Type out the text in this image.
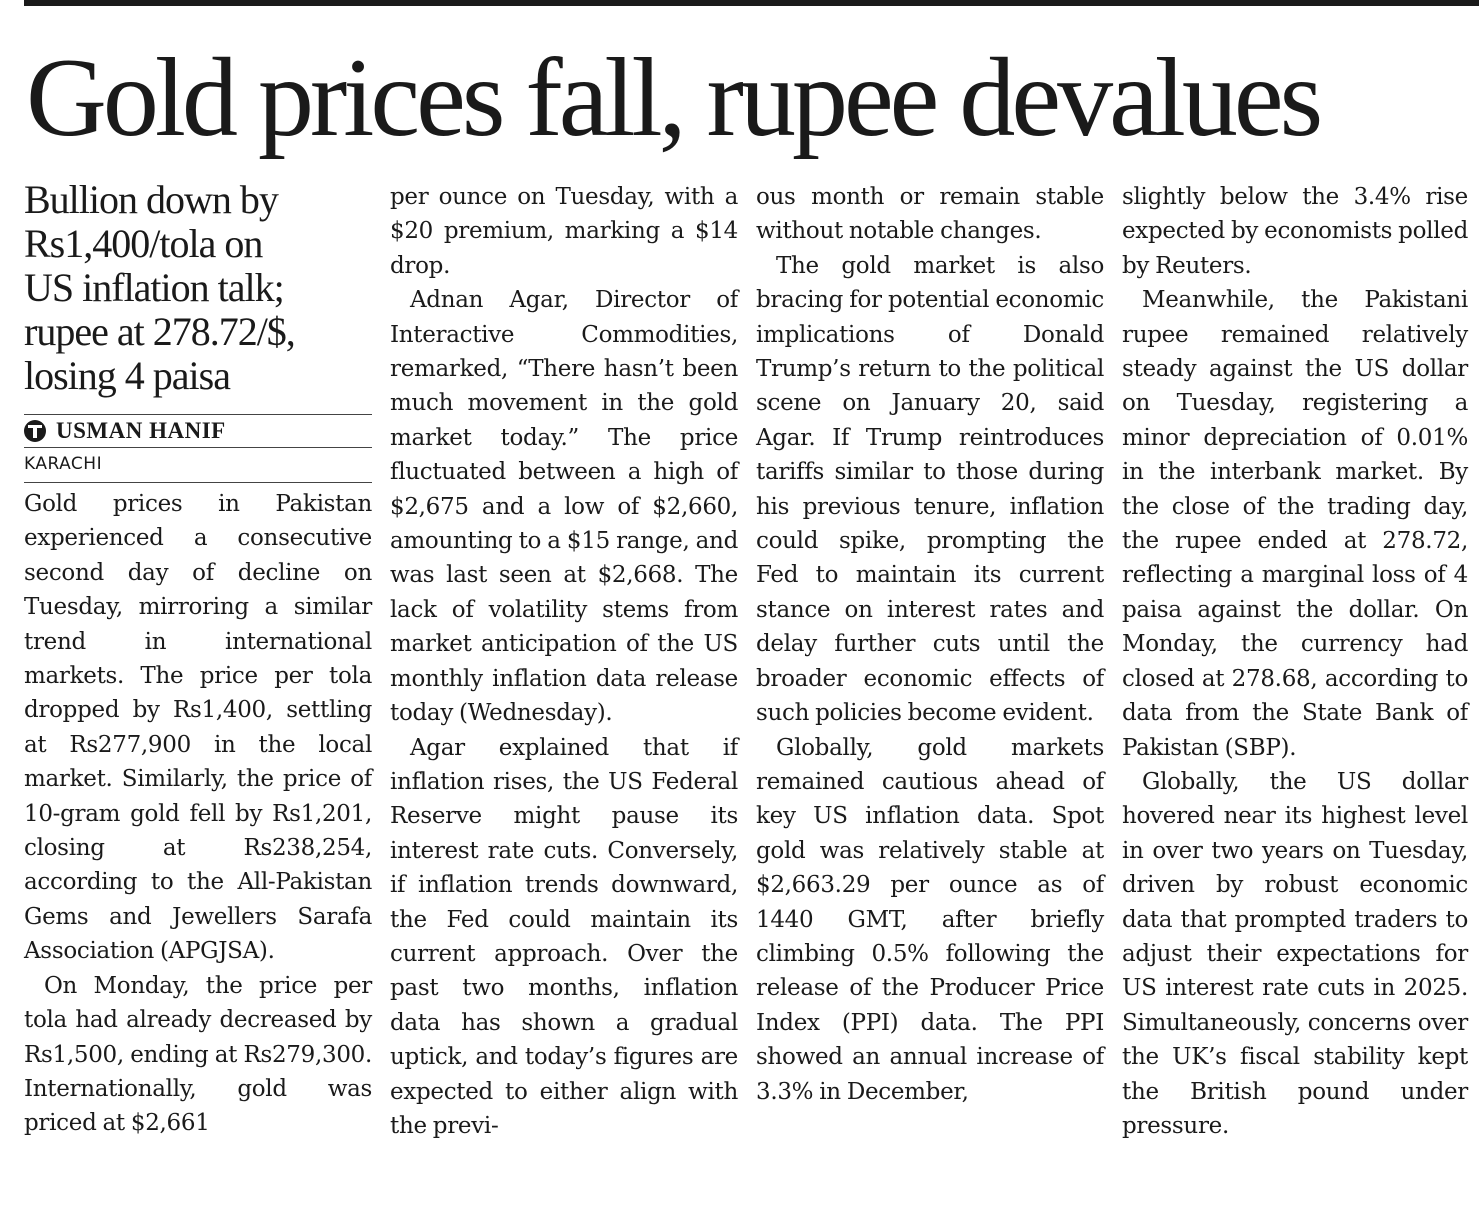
Gold prices fall, rupee devalues
Bullion down by
Rs1,400/tola on
US inflation talk;
rupee at 278.72/$,
losing 4 paisa
USMAN HANIF
KARACHI

Gold prices in Pakistan experienced a consecutive second day of decline on Tuesday, mirroring a similar trend in international markets. The price per tola dropped by Rs1,400, settling at Rs277,900 in the local market. Similarly, the price of 10-gram gold fell by Rs1,201, closing at Rs238,254, according to the All-Pakistan Gems and Jewellers Sarafa Association (APGJSA).

On Monday, the price per tola had already decreased by Rs1,500, ending at Rs279,300. Internationally, gold was priced at $2,661

per ounce on Tuesday, with a $20 premium, marking a $14 drop.

Adnan Agar, Director of Interactive Commodities, remarked, “There hasn’t been much movement in the gold market today.” The price fluctuated between a high of $2,675 and a low of $2,660, amounting to a $15 range, and was last seen at $2,668. The lack of volatility stems from market anticipation of the US monthly inflation data release today (Wednesday).

Agar explained that if inflation rises, the US Federal Reserve might pause its interest rate cuts. Conversely, if inflation trends downward, the Fed could maintain its current approach. Over the past two months, inflation data has shown a gradual uptick, and today’s figures are expected to either align with the previ-

ous month or remain stable without notable changes.

The gold market is also bracing for potential economic implications of Donald Trump’s return to the political scene on January 20, said Agar. If Trump reintroduces tariffs similar to those during his previous tenure, inflation could spike, prompting the Fed to maintain its current stance on interest rates and delay further cuts until the broader economic effects of such policies become evident.

Globally, gold markets remained cautious ahead of key US inflation data. Spot gold was relatively stable at $2,663.29 per ounce as of 1440 GMT, after briefly climbing 0.5% following the release of the Producer Price Index (PPI) data. The PPI showed an annual increase of 3.3% in December,

slightly below the 3.4% rise expected by economists polled by Reuters.

Meanwhile, the Pakistani rupee remained relatively steady against the US dollar on Tuesday, registering a minor depreciation of 0.01% in the interbank market. By the close of the trading day, the rupee ended at 278.72, reflecting a marginal loss of 4 paisa against the dollar. On Monday, the currency had closed at 278.68, according to data from the State Bank of Pakistan (SBP).

Globally, the US dollar hovered near its highest level in over two years on Tuesday, driven by robust economic data that prompted traders to adjust their expectations for US interest rate cuts in 2025. Simultaneously, concerns over the UK’s fiscal stability kept the British pound under pressure.
